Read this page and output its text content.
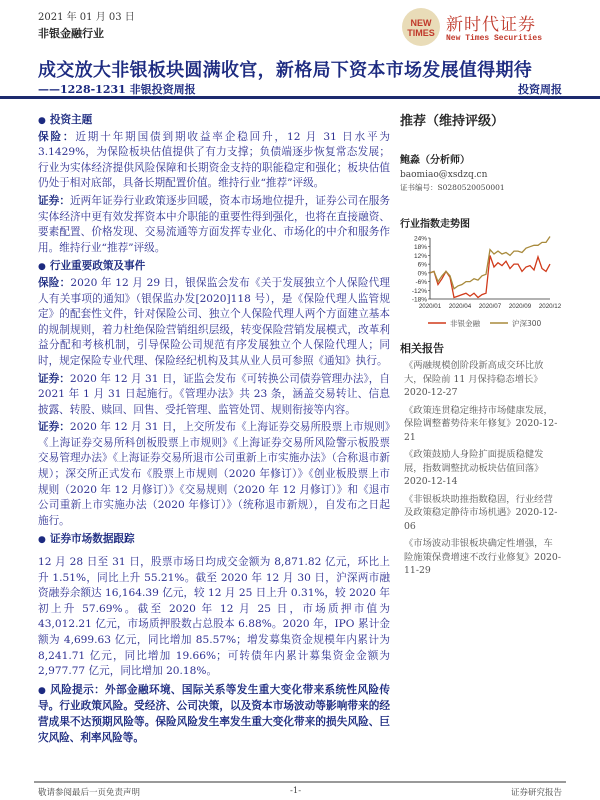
2021 年 01 月 03 日
非银金融行业
NEW
TIMES 新时代证券
New Times Securities
成交放大非银板块圆满收官，新格局下资本市场发展值得期待
——1228-1231 非银投资周报	投资周报
● 投资主题

保险：近期十年期国债到期收益率企稳回升，12 月 31 日水平为 3.1429%，为保险板块估值提供了有力支撑；负债端逐步恢复常态发展；行业为实体经济提供风险保障和长期资金支持的职能稳定和强化；板块估值仍处于相对底部，具备长期配置价值。维持行业“推荐”评级。

证券：近两年证券行业政策逐步回暖，资本市场地位提升，证券公司在服务实体经济中更有效发挥资本中介职能的重要性得到强化，也将在直接融资、要素配置、价格发现、交易流通等方面发挥专业化、市场化的中介和服务作用。维持行业“推荐”评级。

● 行业重要政策及事件

保险：2020 年 12 月 29 日，银保监会发布《关于发展独立个人保险代理人有关事项的通知》（银保监办发[2020]118 号），是《保险代理人监管规定》的配套性文件，针对保险公司、独立个人保险代理人两个方面建立基本的规制规则，着力杜绝保险营销组织层级，转变保险营销发展模式，改革利益分配和考核机制，引导保险公司规范有序发展独立个人保险代理人；同时，规定保险专业代理、保险经纪机构及其从业人员可参照《通知》执行。

证券：2020 年 12 月 31 日，证监会发布《可转换公司债券管理办法》，自 2021 年 1 月 31 日起施行。《管理办法》共 23 条，涵盖交易转让、信息披露、转股、赎回、回售、受托管理、监管处罚、规则衔接等内容。

证券：2020 年 12 月 31 日，上交所发布《上海证券交易所股票上市规则》《上海证券交易所科创板股票上市规则》《上海证券交易所风险警示板股票交易管理办法》《上海证券交易所退市公司重新上市实施办法》（合称退市新规）；深交所正式发布《股票上市规则（2020 年修订）》《创业板股票上市规则（2020 年 12 月修订）》《交易规则（2020 年 12 月修订）》和《退市公司重新上市实施办法（2020 年修订）》（统称退市新规），自发布之日起施行。

● 证券市场数据跟踪

12 月 28 日至 31 日，股票市场日均成交金额为 8,871.82 亿元，环比上升 1.51%，同比上升 55.21%。截至 2020 年 12 月 30 日，沪深两市融资融券余额达 16,164.39 亿元，较 12 月 25 日上升 0.31%，较 2020 年初上升 57.69%。截至 2020 年 12 月 25 日，市场质押市值为 43,012.21 亿元，市场质押股数占总股本 6.88%。2020 年，IPO 累计金额为 4,699.63 亿元，同比增加 85.57%；增发募集资金规模年内累计为 8,241.71 亿元，同比增加 19.66%；可转债年内累计募集资金金额为 2,977.77 亿元，同比增加 20.18%。

● 风险提示：外部金融环境、国际关系等发生重大变化带来系统性风险传导。行业政策风险。受经济、公司决策，以及资本市场波动等影响带来的经营成果不达预期风险等。保险风险发生率发生重大变化带来的损失风险、巨灾风险、利率风险等。
推荐（维持评级）
鲍淼（分析师）
baomiao@xsdzq.cn
证书编号：S0280520050001
行业指数走势图
24%
18%
12%
6%
0%
-6%
-12%
-18%
2020/01 2020/04 2020/07 2020/09 2020/12
非银金融	沪深300
相关报告
《两融规模创阶段新高成交环比放大，保险前 11 月保持稳态增长》2020-12-27
《政策连贯稳定维持市场健康发展，保险调整蓄势待来年修复》2020-12-21
《政策鼓励人身险扩面提质稳健发展，指数调整扰动板块估值回落》2020-12-14
《非银板块助推指数稳固，行业经营及政策稳定静待市场机遇》2020-12-06
《市场波动非银板块确定性增强，车险施策保费增速不改行业修复》2020-11-29
敬请参阅最后一页免责声明	-1-	证券研究报告
